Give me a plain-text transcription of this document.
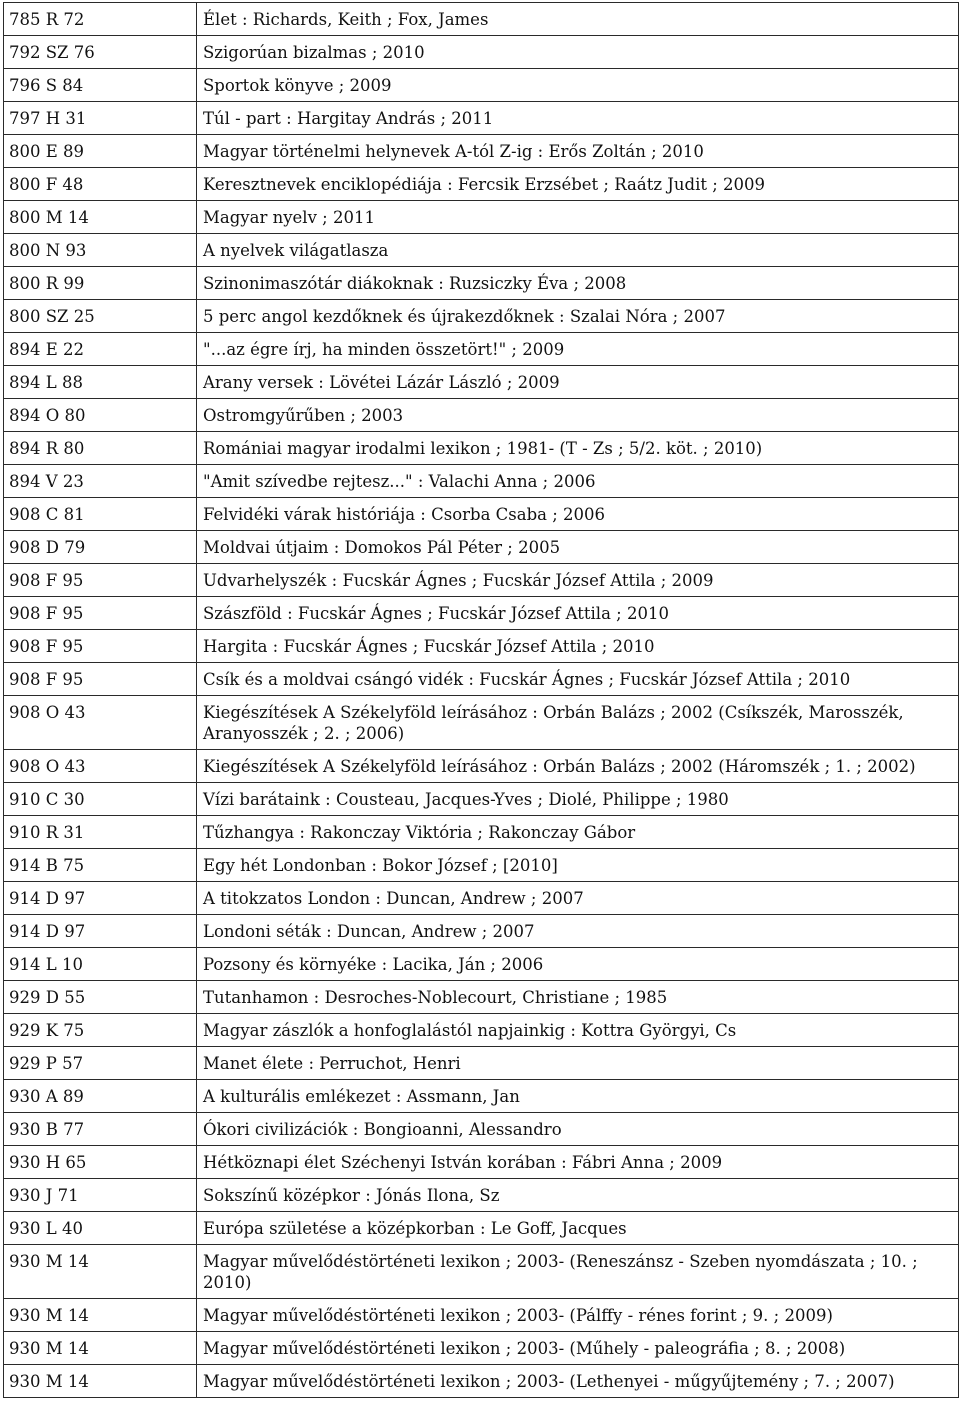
785 R 72	Élet : Richards, Keith ; Fox, James
792 SZ 76	Szigorúan bizalmas ; 2010
796 S 84	Sportok könyve ; 2009
797 H 31	Túl - part : Hargitay András ; 2011
800 E 89	Magyar történelmi helynevek A-tól Z-ig : Erős Zoltán ; 2010
800 F 48	Keresztnevek enciklopédiája : Fercsik Erzsébet ; Raátz Judit ; 2009
800 M 14	Magyar nyelv ; 2011
800 N 93	A nyelvek világatlasza
800 R 99	Szinonimaszótár diákoknak : Ruzsiczky Éva ; 2008
800 SZ 25	5 perc angol kezdőknek és újrakezdőknek : Szalai Nóra ; 2007
894 E 22	"...az égre írj, ha minden összetört!" ; 2009
894 L 88	Arany versek : Lövétei Lázár László ; 2009
894 O 80	Ostromgyűrűben ; 2003
894 R 80	Romániai magyar irodalmi lexikon ; 1981- (T - Zs ; 5/2. köt. ; 2010)
894 V 23	"Amit szívedbe rejtesz..." : Valachi Anna ; 2006
908 C 81	Felvidéki várak históriája : Csorba Csaba ; 2006
908 D 79	Moldvai útjaim : Domokos Pál Péter ; 2005
908 F 95	Udvarhelyszék : Fucskár Ágnes ; Fucskár József Attila ; 2009
908 F 95	Szászföld : Fucskár Ágnes ; Fucskár József Attila ; 2010
908 F 95	Hargita : Fucskár Ágnes ; Fucskár József Attila ; 2010
908 F 95	Csík és a moldvai csángó vidék : Fucskár Ágnes ; Fucskár József Attila ; 2010
908 O 43	Kiegészítések A Székelyföld leírásához : Orbán Balázs ; 2002 (Csíkszék, Marosszék, Aranyosszék ; 2. ; 2006)
908 O 43	Kiegészítések A Székelyföld leírásához : Orbán Balázs ; 2002 (Háromszék ; 1. ; 2002)
910 C 30	Vízi barátaink : Cousteau, Jacques-Yves ; Diolé, Philippe ; 1980
910 R 31	Tűzhangya : Rakonczay Viktória ; Rakonczay Gábor
914 B 75	Egy hét Londonban : Bokor József ; [2010]
914 D 97	A titokzatos London : Duncan, Andrew ; 2007
914 D 97	Londoni séták : Duncan, Andrew ; 2007
914 L 10	Pozsony és környéke : Lacika, Ján ; 2006
929 D 55	Tutanhamon : Desroches-Noblecourt, Christiane ; 1985
929 K 75	Magyar zászlók a honfoglalástól napjainkig : Kottra Györgyi, Cs
929 P 57	Manet élete : Perruchot, Henri
930 A 89	A kulturális emlékezet : Assmann, Jan
930 B 77	Ókori civilizációk : Bongioanni, Alessandro
930 H 65	Hétköznapi élet Széchenyi István korában : Fábri Anna ; 2009
930 J 71	Sokszínű középkor : Jónás Ilona, Sz
930 L 40	Európa születése a középkorban : Le Goff, Jacques
930 M 14	Magyar művelődéstörténeti lexikon ; 2003- (Reneszánsz - Szeben nyomdászata ; 10. ; 2010)
930 M 14	Magyar művelődéstörténeti lexikon ; 2003- (Pálffy - rénes forint ; 9. ; 2009)
930 M 14	Magyar művelődéstörténeti lexikon ; 2003- (Műhely - paleográfia ; 8. ; 2008)
930 M 14	Magyar művelődéstörténeti lexikon ; 2003- (Lethenyei - műgyűjtemény ; 7. ; 2007)
